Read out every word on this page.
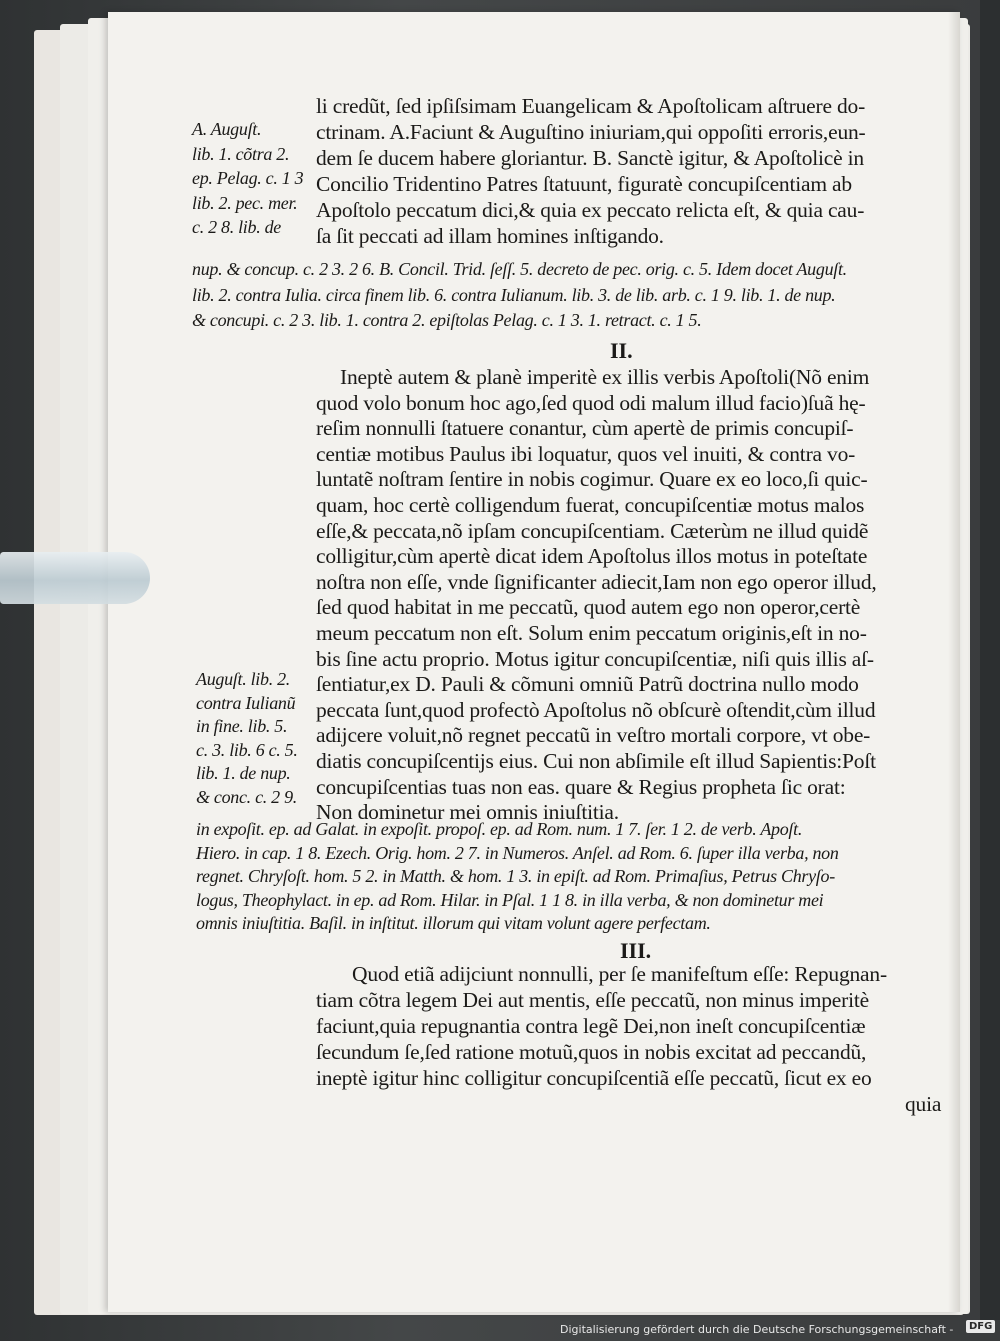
li credũt, ſed ipſiſsimam Euangelicam & Apoſtolicam aſtruere do-
ctrinam. A.Faciunt & Auguſtino iniuriam,qui oppoſiti erroris,eun-
dem ſe ducem habere gloriantur. B. Sanctè igitur, & Apoſtolicè in
Concilio Tridentino Patres ſtatuunt, figuratè concupiſcentiam ab
Apoſtolo peccatum dici,& quia ex peccato relicta eſt, & quia cau-
ſa ſit peccati ad illam homines inſtigando.
II.
Ineptè autem & planè imperitè ex illis verbis Apoſtoli(Nõ enim
quod volo bonum hoc ago,ſed quod odi malum illud facio)ſuã hę-
reſim nonnulli ſtatuere conantur, cùm apertè de primis concupiſ-
centiæ motibus Paulus ibi loquatur, quos vel inuiti, & contra vo-
luntatẽ noſtram ſentire in nobis cogimur. Quare ex eo loco,ſi quic-
quam, hoc certè colligendum fuerat, concupiſcentiæ motus malos
eſſe,& peccata,nõ ipſam concupiſcentiam. Cæterùm ne illud quidẽ
colligitur,cùm apertè dicat idem Apoſtolus illos motus in poteſtate
noſtra non eſſe, vnde ſignificanter adiecit,Iam non ego operor illud,
ſed quod habitat in me peccatũ, quod autem ego non operor,certè
meum peccatum non eſt. Solum enim peccatum originis,eſt in no-
bis ſine actu proprio. Motus igitur concupiſcentiæ, niſi quis illis aſ-
ſentiatur,ex D. Pauli & cõmuni omniũ Patrũ doctrina nullo modo
peccata ſunt,quod profectò Apoſtolus nõ obſcurè oſtendit,cùm illud
adijcere voluit,nõ regnet peccatũ in veſtro mortali corpore, vt obe-
diatis concupiſcentijs eius. Cui non abſimile eſt illud Sapientis:Poſt
concupiſcentias tuas non eas. quare & Regius propheta ſic orat:
Non dominetur mei omnis iniuſtitia.
III.
Quod etiã adijciunt nonnulli, per ſe manifeſtum eſſe: Repugnan-
tiam cõtra legem Dei aut mentis, eſſe peccatũ, non minus imperitè
faciunt,quia repugnantia contra legẽ Dei,non ineſt concupiſcentiæ
ſecundum ſe,ſed ratione motuũ,quos in nobis excitat ad peccandũ,
ineptè igitur hinc colligitur concupiſcentiã eſſe peccatũ, ſicut ex eo
quia
A. Auguſt.
lib. 1. cõtra 2.
ep. Pelag. c. 1 3
lib. 2. pec. mer.
c. 2 8. lib. de
nup. & concup. c. 2 3. 2 6. B. Concil. Trid. ſeſſ. 5. decreto de pec. orig. c. 5. Idem docet Auguſt.
lib. 2. contra Iulia. circa finem lib. 6. contra Iulianum. lib. 3. de lib. arb. c. 1 9. lib. 1. de nup.
& concupi. c. 2 3. lib. 1. contra 2. epiſtolas Pelag. c. 1 3. 1. retract. c. 1 5.
Auguſt. lib. 2.
contra Iulianũ
in fine. lib. 5.
c. 3. lib. 6 c. 5.
lib. 1. de nup.
& conc. c. 2 9.
in expoſit. ep. ad Galat. in expoſit. propoſ. ep. ad Rom. num. 1 7. ſer. 1 2. de verb. Apoſt.
Hiero. in cap. 1 8. Ezech. Orig. hom. 2 7. in Numeros. Anſel. ad Rom. 6. ſuper illa verba, non
regnet. Chryſoſt. hom. 5 2. in Matth. & hom. 1 3. in epiſt. ad Rom. Primaſius, Petrus Chryſo-
logus, Theophylact. in ep. ad Rom. Hilar. in Pſal. 1 1 8. in illa verba, & non dominetur mei
omnis iniuſtitia. Baſil. in inſtitut. illorum qui vitam volunt agere perfectam.
Digitalisierung gefördert durch die Deutsche Forschungsgemeinschaft -	DFG
